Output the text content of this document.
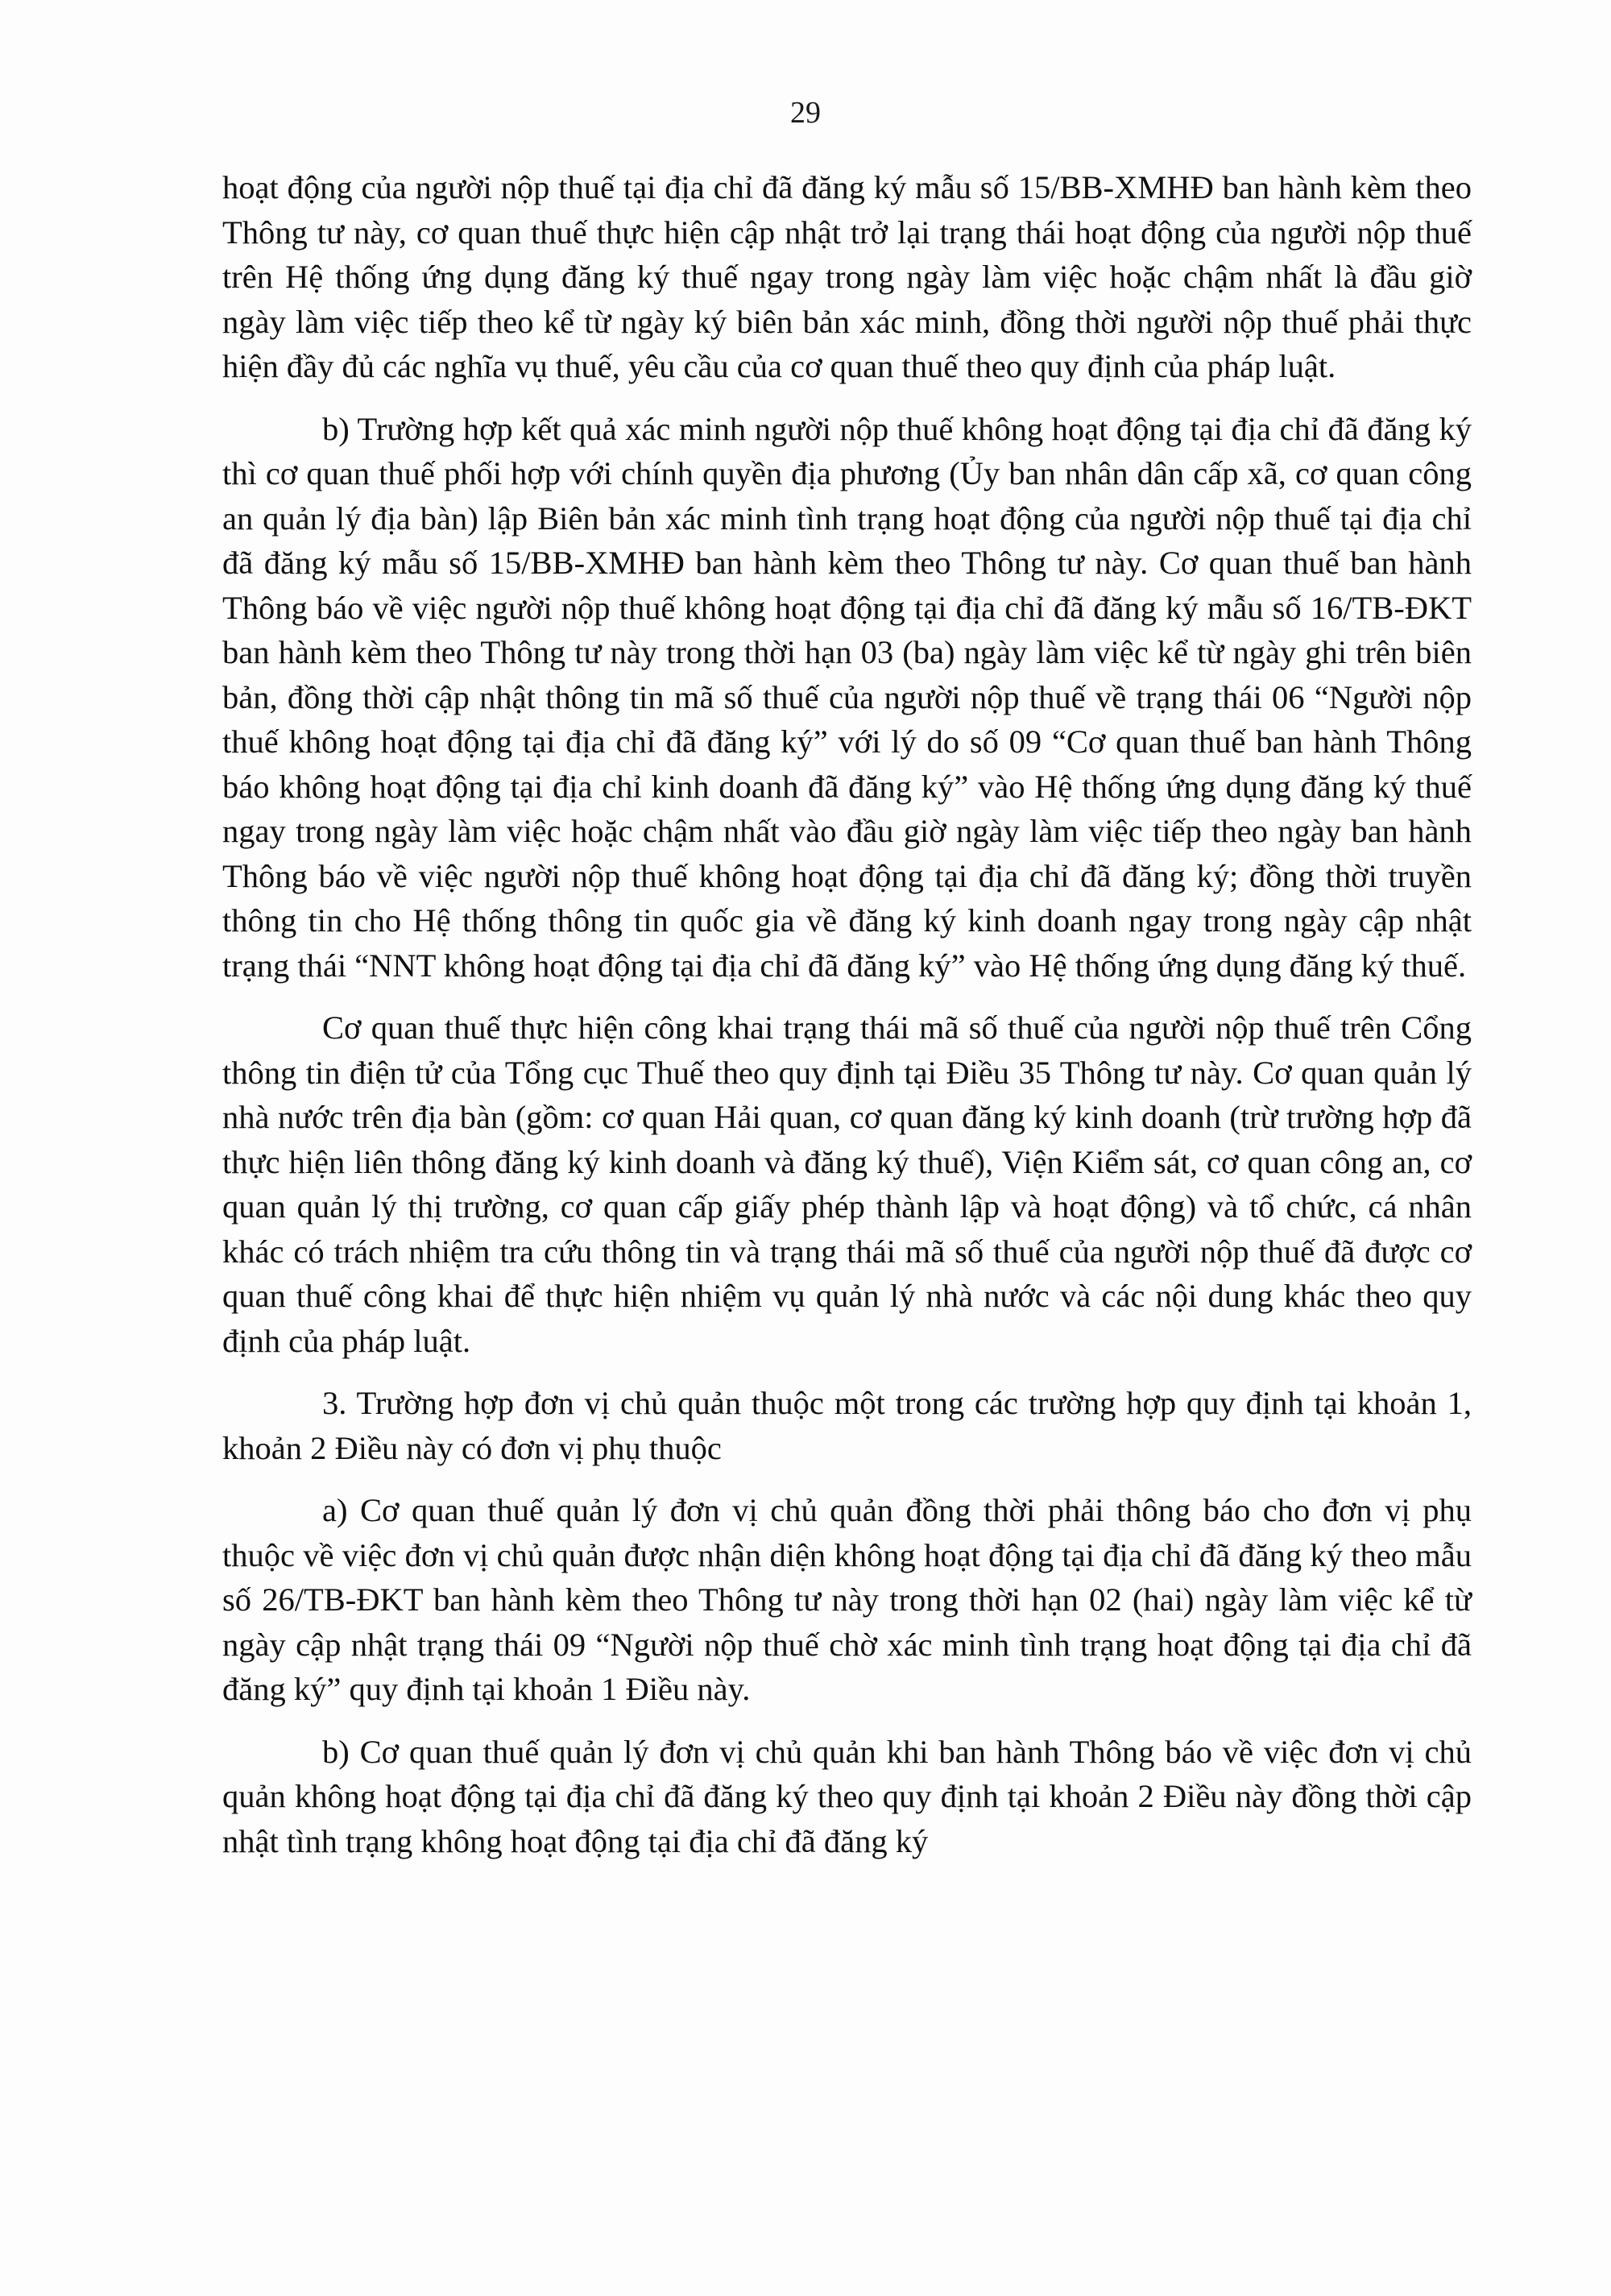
29

hoạt động của người nộp thuế tại địa chỉ đã đăng ký mẫu số 15/BB-XMHĐ ban hành kèm theo Thông tư này, cơ quan thuế thực hiện cập nhật trở lại trạng thái hoạt động của người nộp thuế trên Hệ thống ứng dụng đăng ký thuế ngay trong ngày làm việc hoặc chậm nhất là đầu giờ ngày làm việc tiếp theo kể từ ngày ký biên bản xác minh, đồng thời người nộp thuế phải thực hiện đầy đủ các nghĩa vụ thuế, yêu cầu của cơ quan thuế theo quy định của pháp luật.

b) Trường hợp kết quả xác minh người nộp thuế không hoạt động tại địa chỉ đã đăng ký thì cơ quan thuế phối hợp với chính quyền địa phương (Ủy ban nhân dân cấp xã, cơ quan công an quản lý địa bàn) lập Biên bản xác minh tình trạng hoạt động của người nộp thuế tại địa chỉ đã đăng ký mẫu số 15/BB-XMHĐ ban hành kèm theo Thông tư này. Cơ quan thuế ban hành Thông báo về việc người nộp thuế không hoạt động tại địa chỉ đã đăng ký mẫu số 16/TB-ĐKT ban hành kèm theo Thông tư này trong thời hạn 03 (ba) ngày làm việc kể từ ngày ghi trên biên bản, đồng thời cập nhật thông tin mã số thuế của người nộp thuế về trạng thái 06 “Người nộp thuế không hoạt động tại địa chỉ đã đăng ký” với lý do số 09 “Cơ quan thuế ban hành Thông báo không hoạt động tại địa chỉ kinh doanh đã đăng ký” vào Hệ thống ứng dụng đăng ký thuế ngay trong ngày làm việc hoặc chậm nhất vào đầu giờ ngày làm việc tiếp theo ngày ban hành Thông báo về việc người nộp thuế không hoạt động tại địa chỉ đã đăng ký; đồng thời truyền thông tin cho Hệ thống thông tin quốc gia về đăng ký kinh doanh ngay trong ngày cập nhật trạng thái “NNT không hoạt động tại địa chỉ đã đăng ký” vào Hệ thống ứng dụng đăng ký thuế.

Cơ quan thuế thực hiện công khai trạng thái mã số thuế của người nộp thuế trên Cổng thông tin điện tử của Tổng cục Thuế theo quy định tại Điều 35 Thông tư này. Cơ quan quản lý nhà nước trên địa bàn (gồm: cơ quan Hải quan, cơ quan đăng ký kinh doanh (trừ trường hợp đã thực hiện liên thông đăng ký kinh doanh và đăng ký thuế), Viện Kiểm sát, cơ quan công an, cơ quan quản lý thị trường, cơ quan cấp giấy phép thành lập và hoạt động) và tổ chức, cá nhân khác có trách nhiệm tra cứu thông tin và trạng thái mã số thuế của người nộp thuế đã được cơ quan thuế công khai để thực hiện nhiệm vụ quản lý nhà nước và các nội dung khác theo quy định của pháp luật.

3. Trường hợp đơn vị chủ quản thuộc một trong các trường hợp quy định tại khoản 1, khoản 2 Điều này có đơn vị phụ thuộc

a) Cơ quan thuế quản lý đơn vị chủ quản đồng thời phải thông báo cho đơn vị phụ thuộc về việc đơn vị chủ quản được nhận diện không hoạt động tại địa chỉ đã đăng ký theo mẫu số 26/TB-ĐKT ban hành kèm theo Thông tư này trong thời hạn 02 (hai) ngày làm việc kể từ ngày cập nhật trạng thái 09 “Người nộp thuế chờ xác minh tình trạng hoạt động tại địa chỉ đã đăng ký” quy định tại khoản 1 Điều này.

b) Cơ quan thuế quản lý đơn vị chủ quản khi ban hành Thông báo về việc đơn vị chủ quản không hoạt động tại địa chỉ đã đăng ký theo quy định tại khoản 2 Điều này đồng thời cập nhật tình trạng không hoạt động tại địa chỉ đã đăng ký
